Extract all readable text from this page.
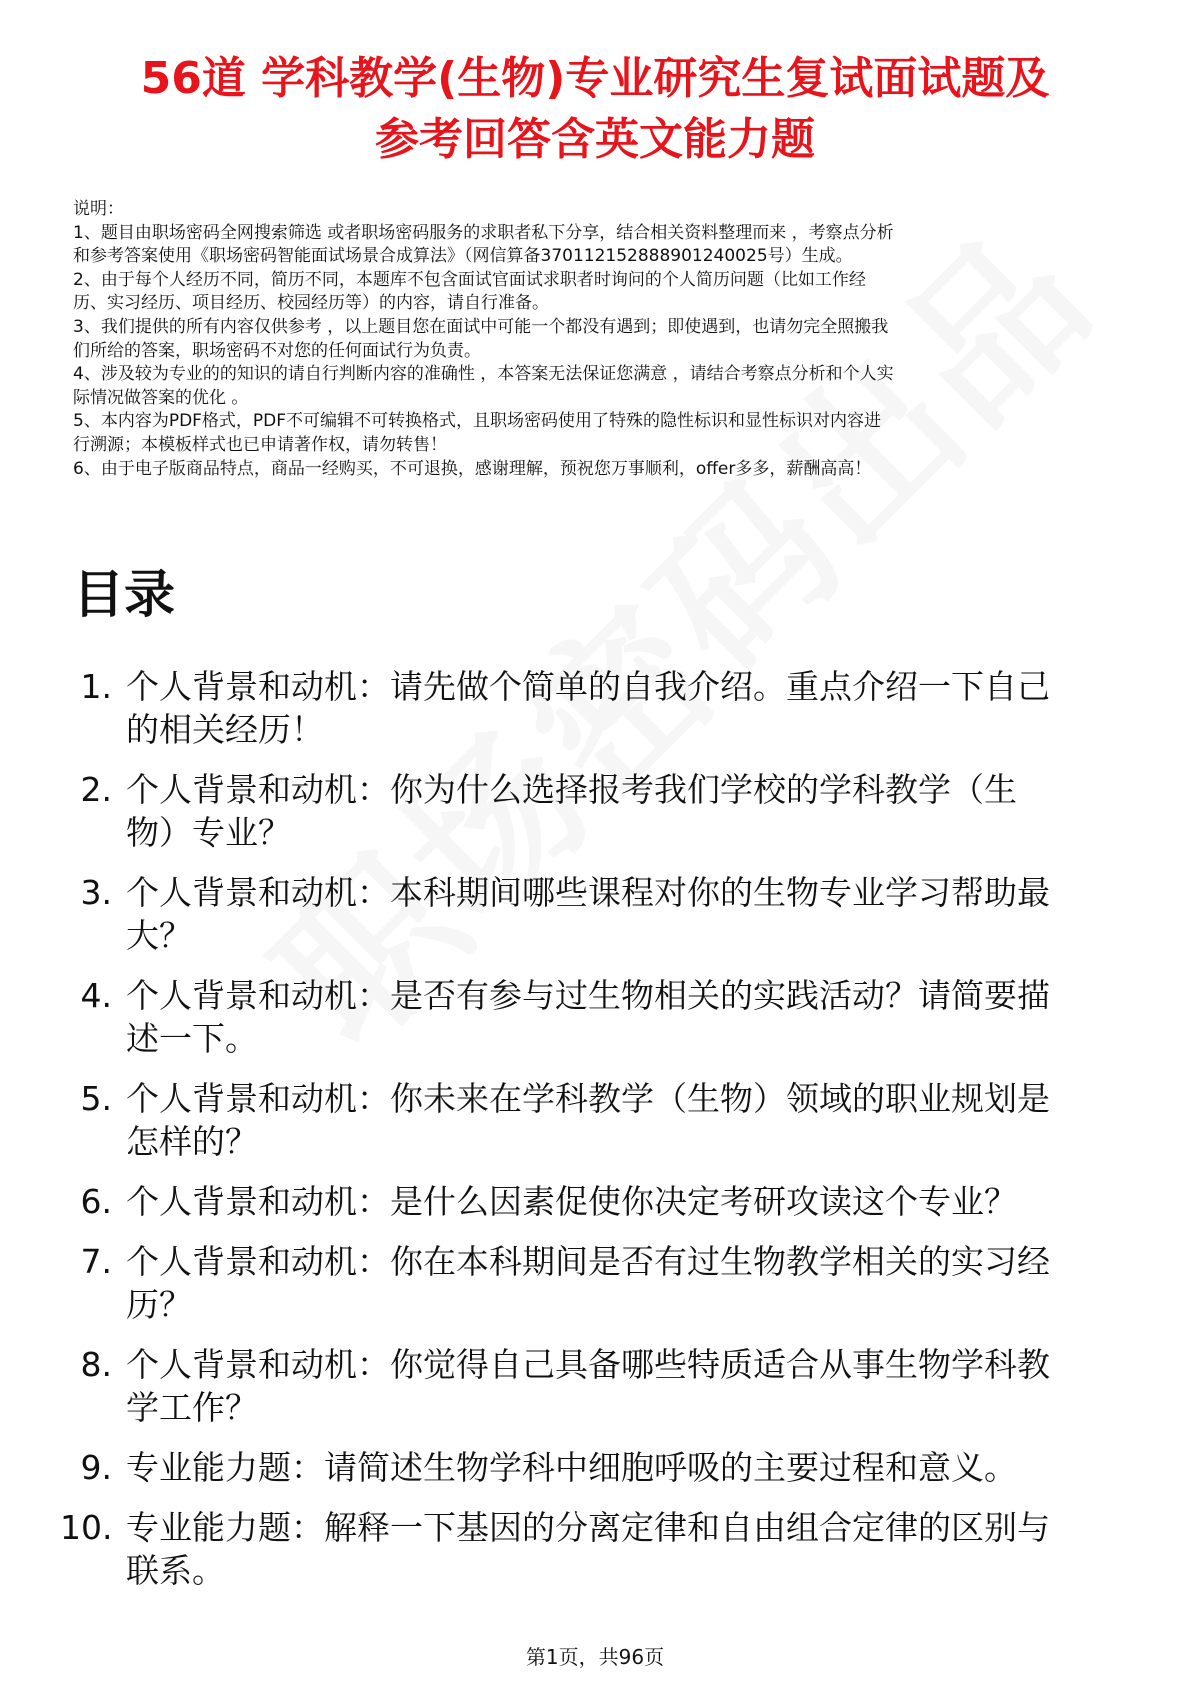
56道 学科教学(生物)专业研究生复试面试题及
参考回答含英文能力题
说明：
1、题目由职场密码全网搜索筛选 或者职场密码服务的求职者私下分享，结合相关资料整理而来 ，考察点分析
和参考答案使用《职场密码智能面试场景合成算法》（网信算备370112152888901240025号）生成。
2、由于每个人经历不同，简历不同，本题库不包含面试官面试求职者时询问的个人简历问题（比如工作经
历、实习经历、项目经历、校园经历等）的内容，请自行准备。
3、我们提供的所有内容仅供参考 ，以上题目您在面试中可能一个都没有遇到；即使遇到，也请勿完全照搬我
们所给的答案，职场密码不对您的任何面试行为负责。
4、涉及较为专业的的知识的请自行判断内容的准确性 ，本答案无法保证您满意 ，请结合考察点分析和个人实
际情况做答案的优化 。
5、本内容为PDF格式，PDF不可编辑不可转换格式，且职场密码使用了特殊的隐性标识和显性标识对内容进
行溯源；本模板样式也已申请著作权，请勿转售！
6、由于电子版商品特点，商品一经购买，不可退换，感谢理解，预祝您万事顺利，offer多多，薪酬高高！
目录
1. 个人背景和动机：请先做个简单的自我介绍。重点介绍一下自己
的相关经历！
2. 个人背景和动机：你为什么选择报考我们学校的学科教学（生
物）专业？
3. 个人背景和动机：本科期间哪些课程对你的生物专业学习帮助最
大？
4. 个人背景和动机：是否有参与过生物相关的实践活动？请简要描
述一下。
5. 个人背景和动机：你未来在学科教学（生物）领域的职业规划是
怎样的？
6. 个人背景和动机：是什么因素促使你决定考研攻读这个专业？
7. 个人背景和动机：你在本科期间是否有过生物教学相关的实习经
历？
8. 个人背景和动机：你觉得自己具备哪些特质适合从事生物学科教
学工作？
9. 专业能力题：请简述生物学科中细胞呼吸的主要过程和意义。
10. 专业能力题：解释一下基因的分离定律和自由组合定律的区别与
联系。
第1页，共96页
